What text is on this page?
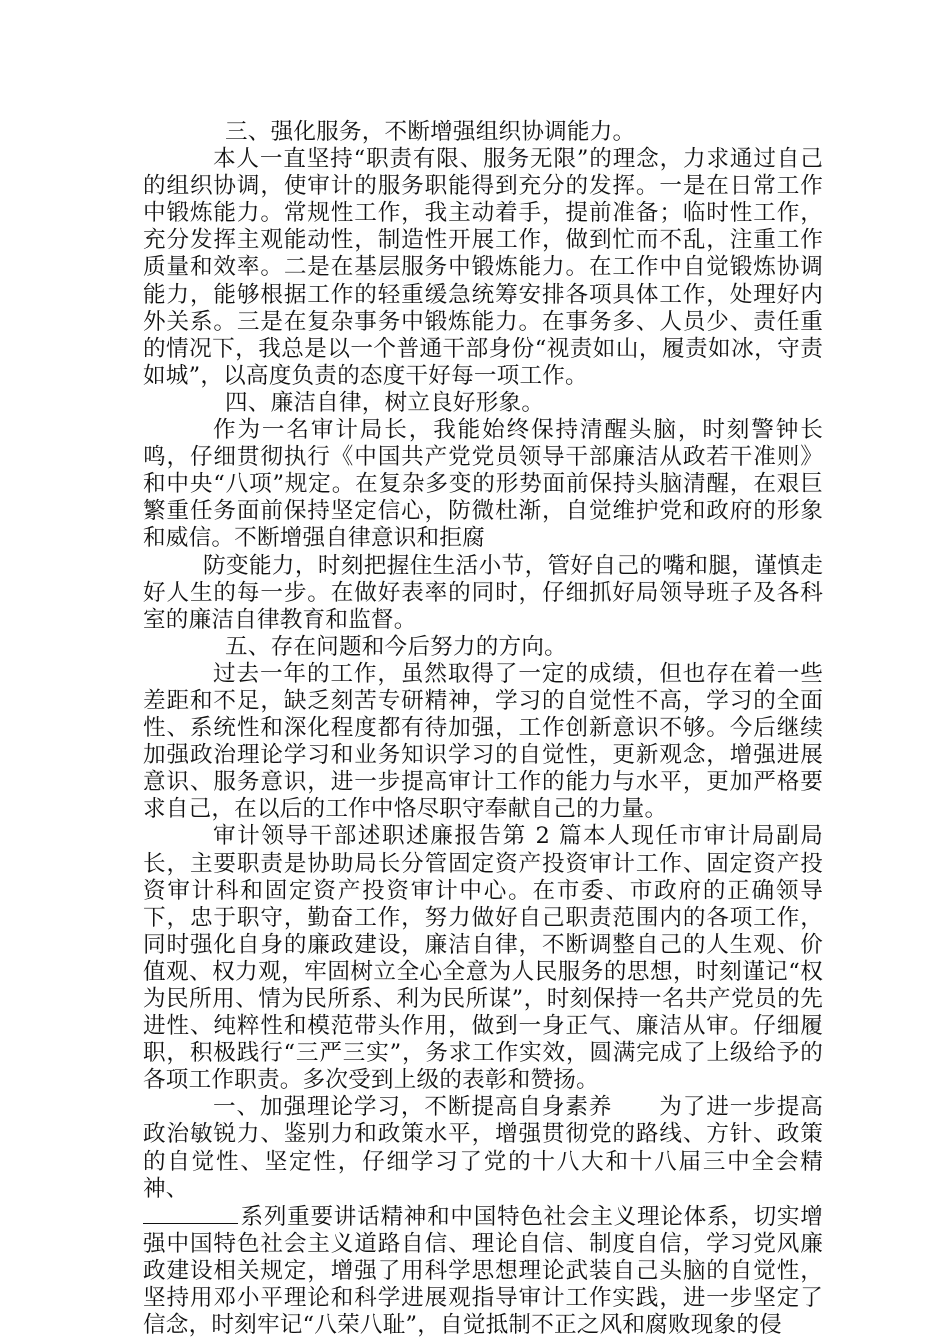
三、强化服务，不断增强组织协调能力。

本人一直坚持“职责有限、服务无限”的理念，力求通过自己的组织协调，使审计的服务职能得到充分的发挥。一是在日常工作中锻炼能力。常规性工作，我主动着手，提前准备；临时性工作，充分发挥主观能动性，制造性开展工作，做到忙而不乱，注重工作质量和效率。二是在基层服务中锻炼能力。在工作中自觉锻炼协调能力，能够根据工作的轻重缓急统筹安排各项具体工作，处理好内外关系。三是在复杂事务中锻炼能力。在事务多、人员少、责任重的情况下，我总是以一个普通干部身份“视责如山，履责如冰，守责如城”，以高度负责的态度干好每一项工作。

四、廉洁自律，树立良好形象。

作为一名审计局长，我能始终保持清醒头脑，时刻警钟长鸣，仔细贯彻执行《中国共产党党员领导干部廉洁从政若干准则》和中央“八项”规定。在复杂多变的形势面前保持头脑清醒，在艰巨繁重任务面前保持坚定信心，防微杜渐，自觉维护党和政府的形象和威信。不断增强自律意识和拒腐

防变能力，时刻把握住生活小节，管好自己的嘴和腿，谨慎走好人生的每一步。在做好表率的同时，仔细抓好局领导班子及各科室的廉洁自律教育和监督。

五、存在问题和今后努力的方向。

过去一年的工作，虽然取得了一定的成绩，但也存在着一些差距和不足，缺乏刻苦专研精神，学习的自觉性不高，学习的全面性、系统性和深化程度都有待加强，工作创新意识不够。今后继续加强政治理论学习和业务知识学习的自觉性，更新观念，增强进展意识、服务意识，进一步提高审计工作的能力与水平，更加严格要求自己，在以后的工作中恪尽职守奉献自己的力量。

审计领导干部述职述廉报告第 2 篇本人现任市审计局副局长，主要职责是协助局长分管固定资产投资审计工作、固定资产投资审计科和固定资产投资审计中心。在市委、市政府的正确领导下，忠于职守，勤奋工作，努力做好自己职责范围内的各项工作，同时强化自身的廉政建设，廉洁自律，不断调整自己的人生观、价值观、权力观，牢固树立全心全意为人民服务的思想，时刻谨记“权为民所用、情为民所系、利为民所谋”，时刻保持一名共产党员的先进性、纯粹性和模范带头作用，做到一身正气、廉洁从审。仔细履职，积极践行“三严三实”，务求工作实效，圆满完成了上级给予的各项工作职责。多次受到上级的表彰和赞扬。

一、加强理论学习，不断提高自身素养　　为了进一步提高政治敏锐力、鉴别力和政策水平，增强贯彻党的路线、方针、政策的自觉性、坚定性，仔细学习了党的十八大和十八届三中全会精神、

系列重要讲话精神和中国特色社会主义理论体系，切实增强中国特色社会主义道路自信、理论自信、制度自信，学习党风廉政建设相关规定，增强了用科学思想理论武装自己头脑的自觉性，坚持用邓小平理论和科学进展观指导审计工作实践，进一步坚定了信念，时刻牢记“八荣八耻”，自觉抵制不正之风和腐败现象的侵
